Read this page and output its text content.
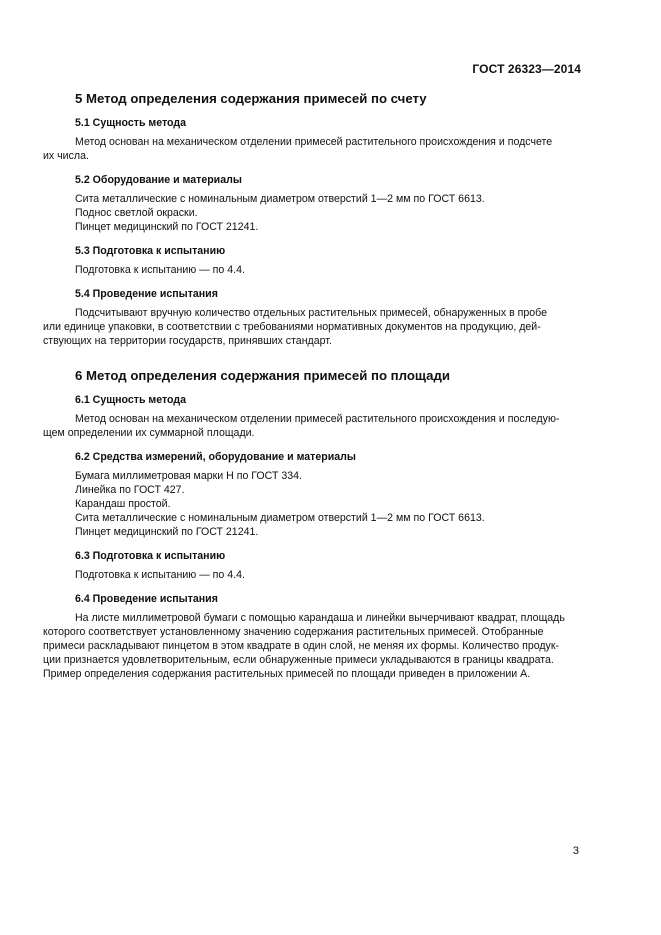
ГОСТ 26323—2014
5 Метод определения содержания примесей по счету
5.1 Сущность метода
Метод основан на механическом отделении примесей растительного происхождения и подсчете
их числа.
5.2 Оборудование и материалы
Сита металлические с номинальным диаметром отверстий 1—2 мм по ГОСТ 6613.
Поднос светлой окраски.
Пинцет медицинский по ГОСТ 21241.
5.3 Подготовка к испытанию
Подготовка к испытанию — по 4.4.
5.4 Проведение испытания
Подсчитывают вручную количество отдельных растительных примесей, обнаруженных в пробе
или единице упаковки, в соответствии с требованиями нормативных документов на продукцию, дей-
ствующих на территории государств, принявших стандарт.
6 Метод определения содержания примесей по площади
6.1 Сущность метода
Метод основан на механическом отделении примесей растительного происхождения и последую-
щем определении их суммарной площади.
6.2 Средства измерений, оборудование и материалы
Бумага миллиметровая марки Н по ГОСТ 334.
Линейка по ГОСТ 427.
Карандаш простой.
Сита металлические с номинальным диаметром отверстий 1—2 мм по ГОСТ 6613.
Пинцет медицинский по ГОСТ 21241.
6.3 Подготовка к испытанию
Подготовка к испытанию — по 4.4.
6.4 Проведение испытания
На листе миллиметровой бумаги с помощью карандаша и линейки вычерчивают квадрат, площадь
которого соответствует установленному значению содержания растительных примесей. Отобранные
примеси раскладывают пинцетом в этом квадрате в один слой, не меняя их формы. Количество продук-
ции признается удовлетворительным, если обнаруженные примеси укладываются в границы квадрата.
Пример определения содержания растительных примесей по площади приведен в приложении А.
3
